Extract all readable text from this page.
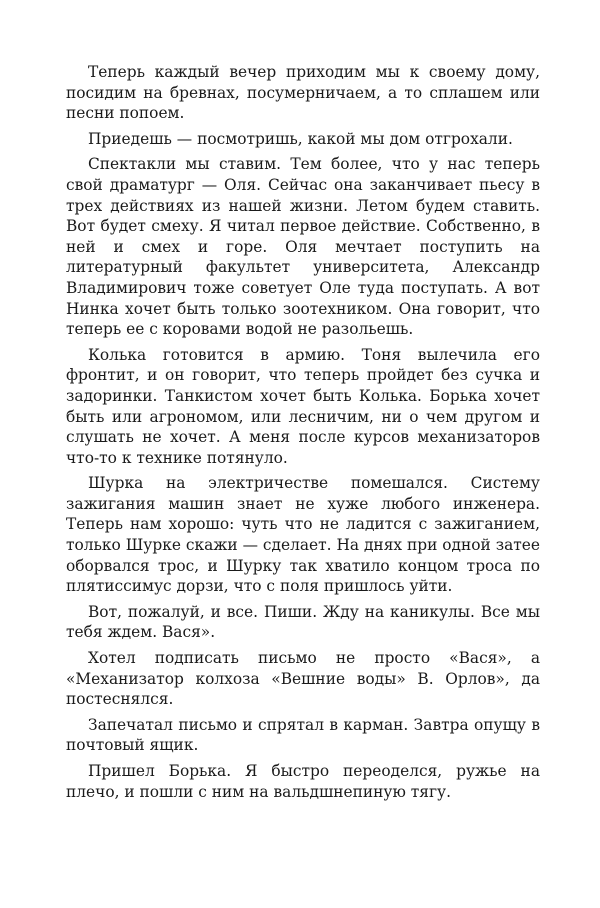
Теперь каждый вечер приходим мы к своему дому, посидим на бревнах, посумерничаем, а то сплашем или песни попоем.

Приедешь — посмотришь, какой мы дом отгрохали.

Спектакли мы ставим. Тем более, что у нас теперь свой драматург — Оля. Сейчас она заканчивает пьесу в трех действиях из нашей жизни. Летом будем ставить. Вот будет смеху. Я читал первое действие. Собственно, в ней и смех и горе. Оля мечтает поступить на литературный факультет университета, Александр Владимирович тоже советует Оле туда поступать. А вот Нинка хочет быть только зоотехником. Она говорит, что теперь ее с коровами водой не разольешь.

Колька готовится в армию. Тоня вылечила его фронтит, и он говорит, что теперь пройдет без сучка и задоринки. Танкистом хочет быть Колька. Борька хочет быть или агрономом, или лесничим, ни о чем другом и слушать не хочет. А меня после курсов механизаторов что-то к технике потянуло.

Шурка на электричестве помешался. Систему зажигания машин знает не хуже любого инженера. Теперь нам хорошо: чуть что не ладится с зажиганием, только Шурке скажи — сделает. На днях при одной затее оборвался трос, и Шурку так хватило концом троса по плятиссимус дорзи, что с поля пришлось уйти.

Вот, пожалуй, и все. Пиши. Жду на каникулы. Все мы тебя ждем. Вася».

Хотел подписать письмо не просто «Вася», а «Механизатор колхоза «Вешние воды» В. Орлов», да постеснялся.

Запечатал письмо и спрятал в карман. Завтра опущу в почтовый ящик.

Пришел Борька. Я быстро переоделся, ружье на плечо, и пошли с ним на вальдшнепиную тягу.
